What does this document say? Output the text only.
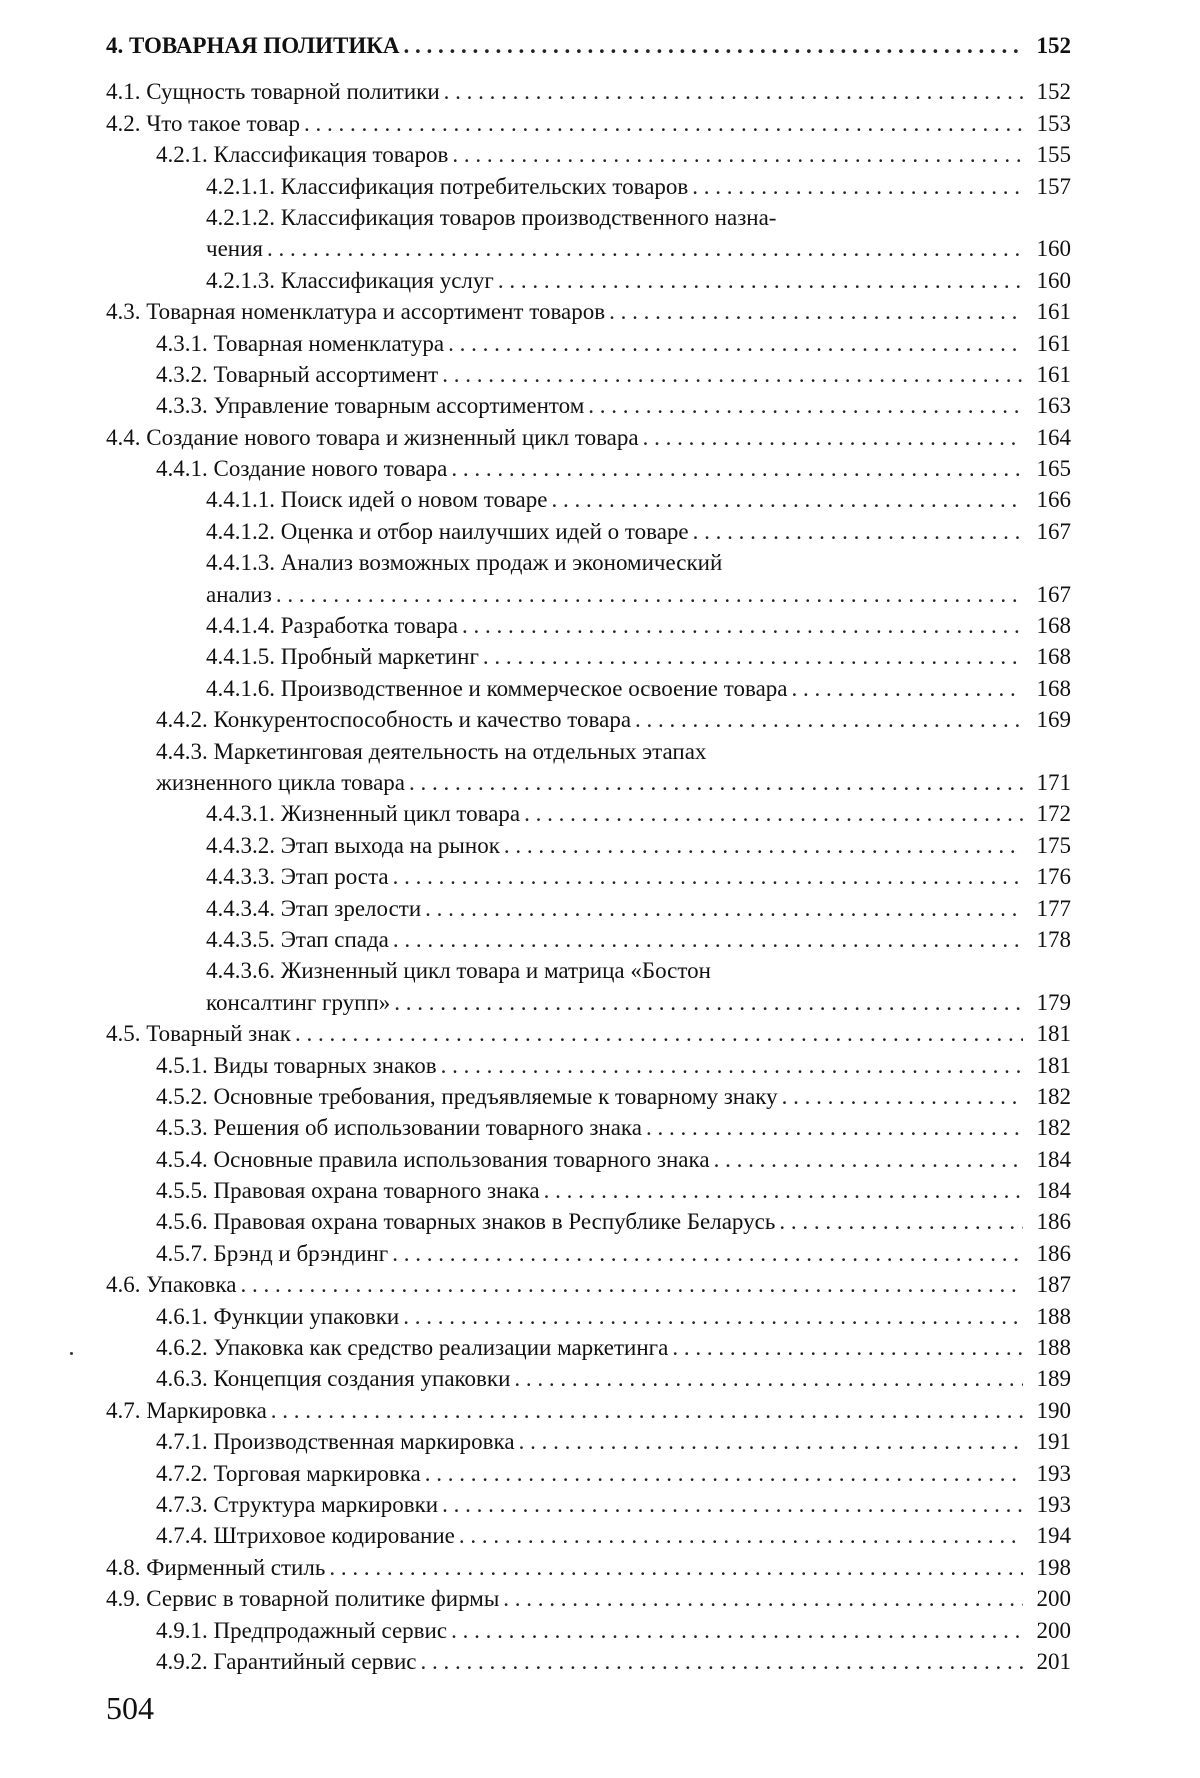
4. ТОВАРНАЯ ПОЛИТИКА . . .	152
4.1. Сущность товарной политики . . .	152
4.2. Что такое товар . . .	153
4.2.1. Классификация товаров . . .	155
4.2.1.1. Классификация потребительских товаров . . .	157
4.2.1.2. Классификация товаров производственного назна-
чения . . .	160
4.2.1.3. Классификация услуг . . .	160
4.3. Товарная номенклатура и ассортимент товаров . . .	161
4.3.1. Товарная номенклатура . . .	161
4.3.2. Товарный ассортимент . . .	161
4.3.3. Управление товарным ассортиментом . . .	163
4.4. Создание нового товара и жизненный цикл товара . . .	164
4.4.1. Создание нового товара . . .	165
4.4.1.1. Поиск идей о новом товаре . . .	166
4.4.1.2. Оценка и отбор наилучших идей о товаре . . .	167
4.4.1.3. Анализ возможных продаж и экономический
анализ . . .	167
4.4.1.4. Разработка товара . . .	168
4.4.1.5. Пробный маркетинг . . .	168
4.4.1.6. Производственное и коммерческое освоение товара . . .	168
4.4.2. Конкурентоспособность и качество товара . . .	169
4.4.3. Маркетинговая деятельность на отдельных этапах
жизненного цикла товара . . .	171
4.4.3.1. Жизненный цикл товара . . .	172
4.4.3.2. Этап выхода на рынок . . .	175
4.4.3.3. Этап роста . . .	176
4.4.3.4. Этап зрелости . . .	177
4.4.3.5. Этап спада . . .	178
4.4.3.6. Жизненный цикл товара и матрица «Бостон
консалтинг групп» . . .	179
4.5. Товарный знак . . .	181
4.5.1. Виды товарных знаков . . .	181
4.5.2. Основные требования, предъявляемые к товарному знаку . . .	182
4.5.3. Решения об использовании товарного знака . . .	182
4.5.4. Основные правила использования товарного знака . . .	184
4.5.5. Правовая охрана товарного знака . . .	184
4.5.6. Правовая охрана товарных знаков в Республике Беларусь . . .	186
4.5.7. Брэнд и брэндинг . . .	186
4.6. Упаковка . . .	187
4.6.1. Функции упаковки . . .	188
4.6.2. Упаковка как средство реализации маркетинга . . .	188
4.6.3. Концепция создания упаковки . . .	189
4.7. Маркировка . . .	190
4.7.1. Производственная маркировка . . .	191
4.7.2. Торговая маркировка . . .	193
4.7.3. Структура маркировки . . .	193
4.7.4. Штриховое кодирование . . .	194
4.8. Фирменный стиль . . .	198
4.9. Сервис в товарной политике фирмы . . .	200
4.9.1. Предпродажный сервис . . .	200
4.9.2. Гарантийный сервис . . .	201
504
